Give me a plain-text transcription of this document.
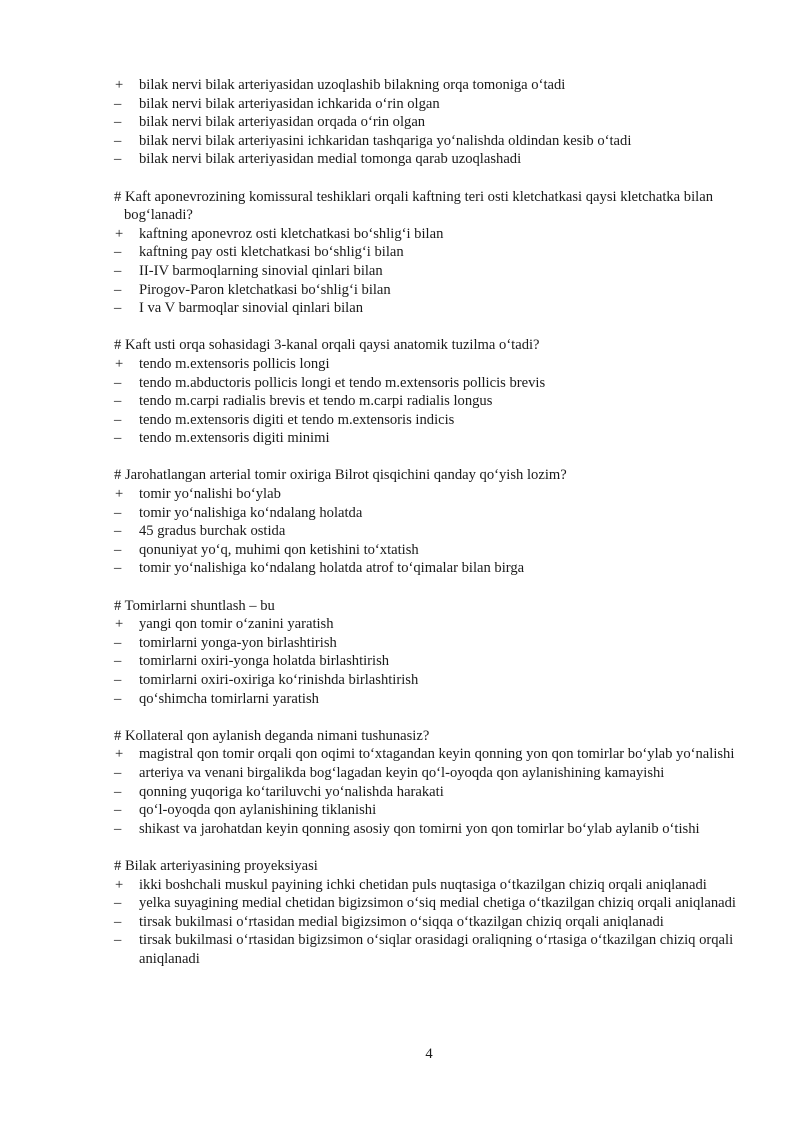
+	bilak nervi bilak arteriyasidan uzoqlashib bilakning orqa tomoniga o‘tadi
–	bilak nervi bilak arteriyasidan ichkarida o‘rin olgan
–	bilak nervi bilak arteriyasidan orqada o‘rin olgan
–	bilak nervi bilak arteriyasini ichkaridan tashqariga yo‘nalishda oldindan kesib o‘tadi
–	bilak nervi bilak arteriyasidan medial tomonga qarab uzoqlashadi
# Kaft aponevrozining komissural teshiklari orqali kaftning teri osti kletchatkasi qaysi kletchatka bilan bog‘lanadi?
+	kaftning aponevroz osti kletchatkasi bo‘shlig‘i bilan
–	kaftning pay osti kletchatkasi bo‘shlig‘i bilan
–	II-IV barmoqlarning sinovial qinlari bilan
–	Pirogov-Paron kletchatkasi bo‘shlig‘i bilan
–	I va V barmoqlar sinovial qinlari bilan
# Kaft usti orqa sohasidagi 3-kanal orqali qaysi anatomik tuzilma o‘tadi?
+	tendo m.extensoris pollicis longi
–	tendo m.abductoris pollicis longi et tendo m.extensoris pollicis brevis
–	tendo m.carpi radialis brevis et tendo m.carpi radialis longus
–	tendo m.extensoris digiti et tendo m.extensoris indicis
–	tendo m.extensoris digiti minimi
# Jarohatlangan arterial tomir oxiriga Bilrot qisqichini qanday qo‘yish lozim?
+	tomir yo‘nalishi bo‘ylab
–	tomir yo‘nalishiga ko‘ndalang holatda
–	45 gradus burchak ostida
–	qonuniyat yo‘q, muhimi qon ketishini to‘xtatish
–	tomir yo‘nalishiga ko‘ndalang holatda atrof to‘qimalar bilan birga
# Tomirlarni shuntlash – bu
+	yangi qon tomir o‘zanini yaratish
–	tomirlarni yonga-yon birlashtirish
–	tomirlarni oxiri-yonga holatda birlashtirish
–	tomirlarni oxiri-oxiriga ko‘rinishda birlashtirish
–	qo‘shimcha tomirlarni yaratish
# Kollateral qon aylanish deganda nimani tushunasiz?
+	magistral qon tomir orqali qon oqimi to‘xtagandan keyin qonning yon qon tomirlar bo‘ylab yo‘nalishi
–	arteriya va venani birgalikda bog‘lagadan keyin qo‘l-oyoqda qon aylanishining kamayishi
–	qonning yuqoriga ko‘tariluvchi yo‘nalishda harakati
–	qo‘l-oyoqda qon aylanishining tiklanishi
–	shikast va jarohatdan keyin qonning asosiy qon tomirni yon qon tomirlar bo‘ylab aylanib o‘tishi
# Bilak arteriyasining proyeksiyasi
+	ikki boshchali muskul payining ichki chetidan puls nuqtasiga o‘tkazilgan chiziq orqali aniqlanadi
–	yelka suyagining medial chetidan bigizsimon o‘siq medial chetiga o‘tkazilgan chiziq orqali aniqlanadi
–	tirsak bukilmasi o‘rtasidan medial bigizsimon o‘siqqa o‘tkazilgan chiziq orqali aniqlanadi
–	tirsak bukilmasi o‘rtasidan bigizsimon o‘siqlar orasidagi oraliqning o‘rtasiga o‘tkazilgan chiziq orqali aniqlanadi
4
